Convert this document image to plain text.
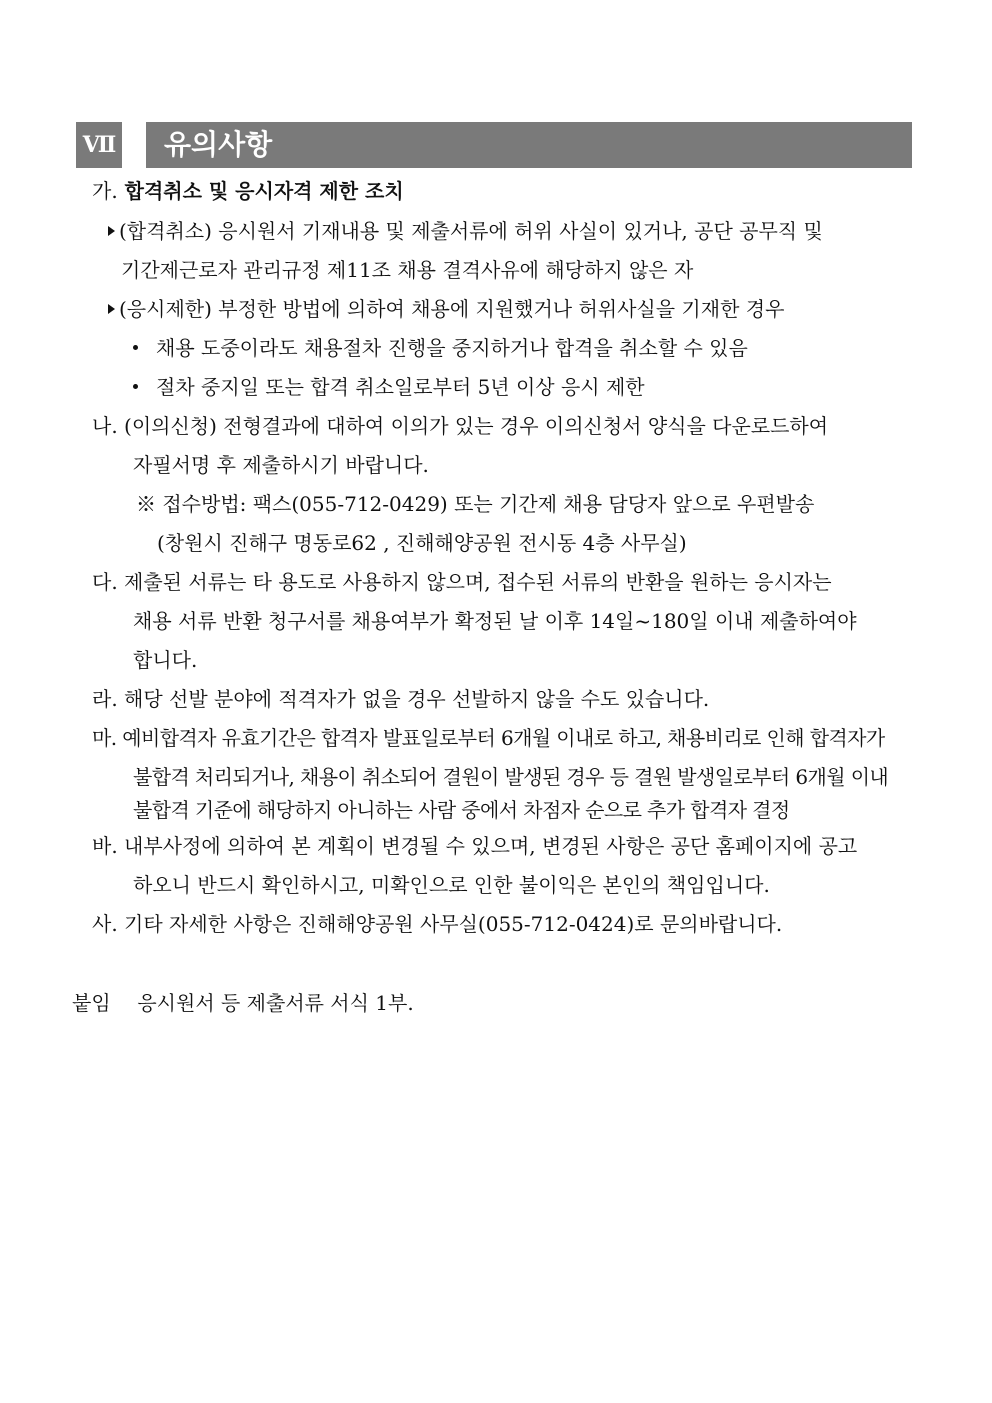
Ⅶ 유의사항
가. 합격취소 및 응시자격 제한 조치
(합격취소) 응시원서 기재내용 및 제출서류에 허위 사실이 있거나, 공단 공무직 및
기간제근로자 관리규정 제11조 채용 결격사유에 해당하지 않은 자
(응시제한) 부정한 방법에 의하여 채용에 지원했거나 허위사실을 기재한 경우
채용 도중이라도 채용절차 진행을 중지하거나 합격을 취소할 수 있음
절차 중지일 또는 합격 취소일로부터 5년 이상 응시 제한
나. (이의신청) 전형결과에 대하여 이의가 있는 경우 이의신청서 양식을 다운로드하여
자필서명 후 제출하시기 바랍니다.
※ 접수방법: 팩스(055-712-0429) 또는 기간제 채용 담당자 앞으로 우편발송
(창원시 진해구 명동로62 , 진해해양공원 전시동 4층 사무실)
다. 제출된 서류는 타 용도로 사용하지 않으며, 접수된 서류의 반환을 원하는 응시자는
채용 서류 반환 청구서를 채용여부가 확정된 날 이후 14일~180일 이내 제출하여야
합니다.
라. 해당 선발 분야에 적격자가 없을 경우 선발하지 않을 수도 있습니다.
마. 예비합격자 유효기간은 합격자 발표일로부터 6개월 이내로 하고, 채용비리로 인해 합격자가
불합격 처리되거나, 채용이 취소되어 결원이 발생된 경우 등 결원 발생일로부터 6개월 이내
불합격 기준에 해당하지 아니하는 사람 중에서 차점자 순으로 추가 합격자 결정
바. 내부사정에 의하여 본 계획이 변경될 수 있으며, 변경된 사항은 공단 홈페이지에 공고
하오니 반드시 확인하시고, 미확인으로 인한 불이익은 본인의 책임입니다.
사. 기타 자세한 사항은 진해해양공원 사무실(055-712-0424)로 문의바랍니다.
붙임 응시원서 등 제출서류 서식 1부.
